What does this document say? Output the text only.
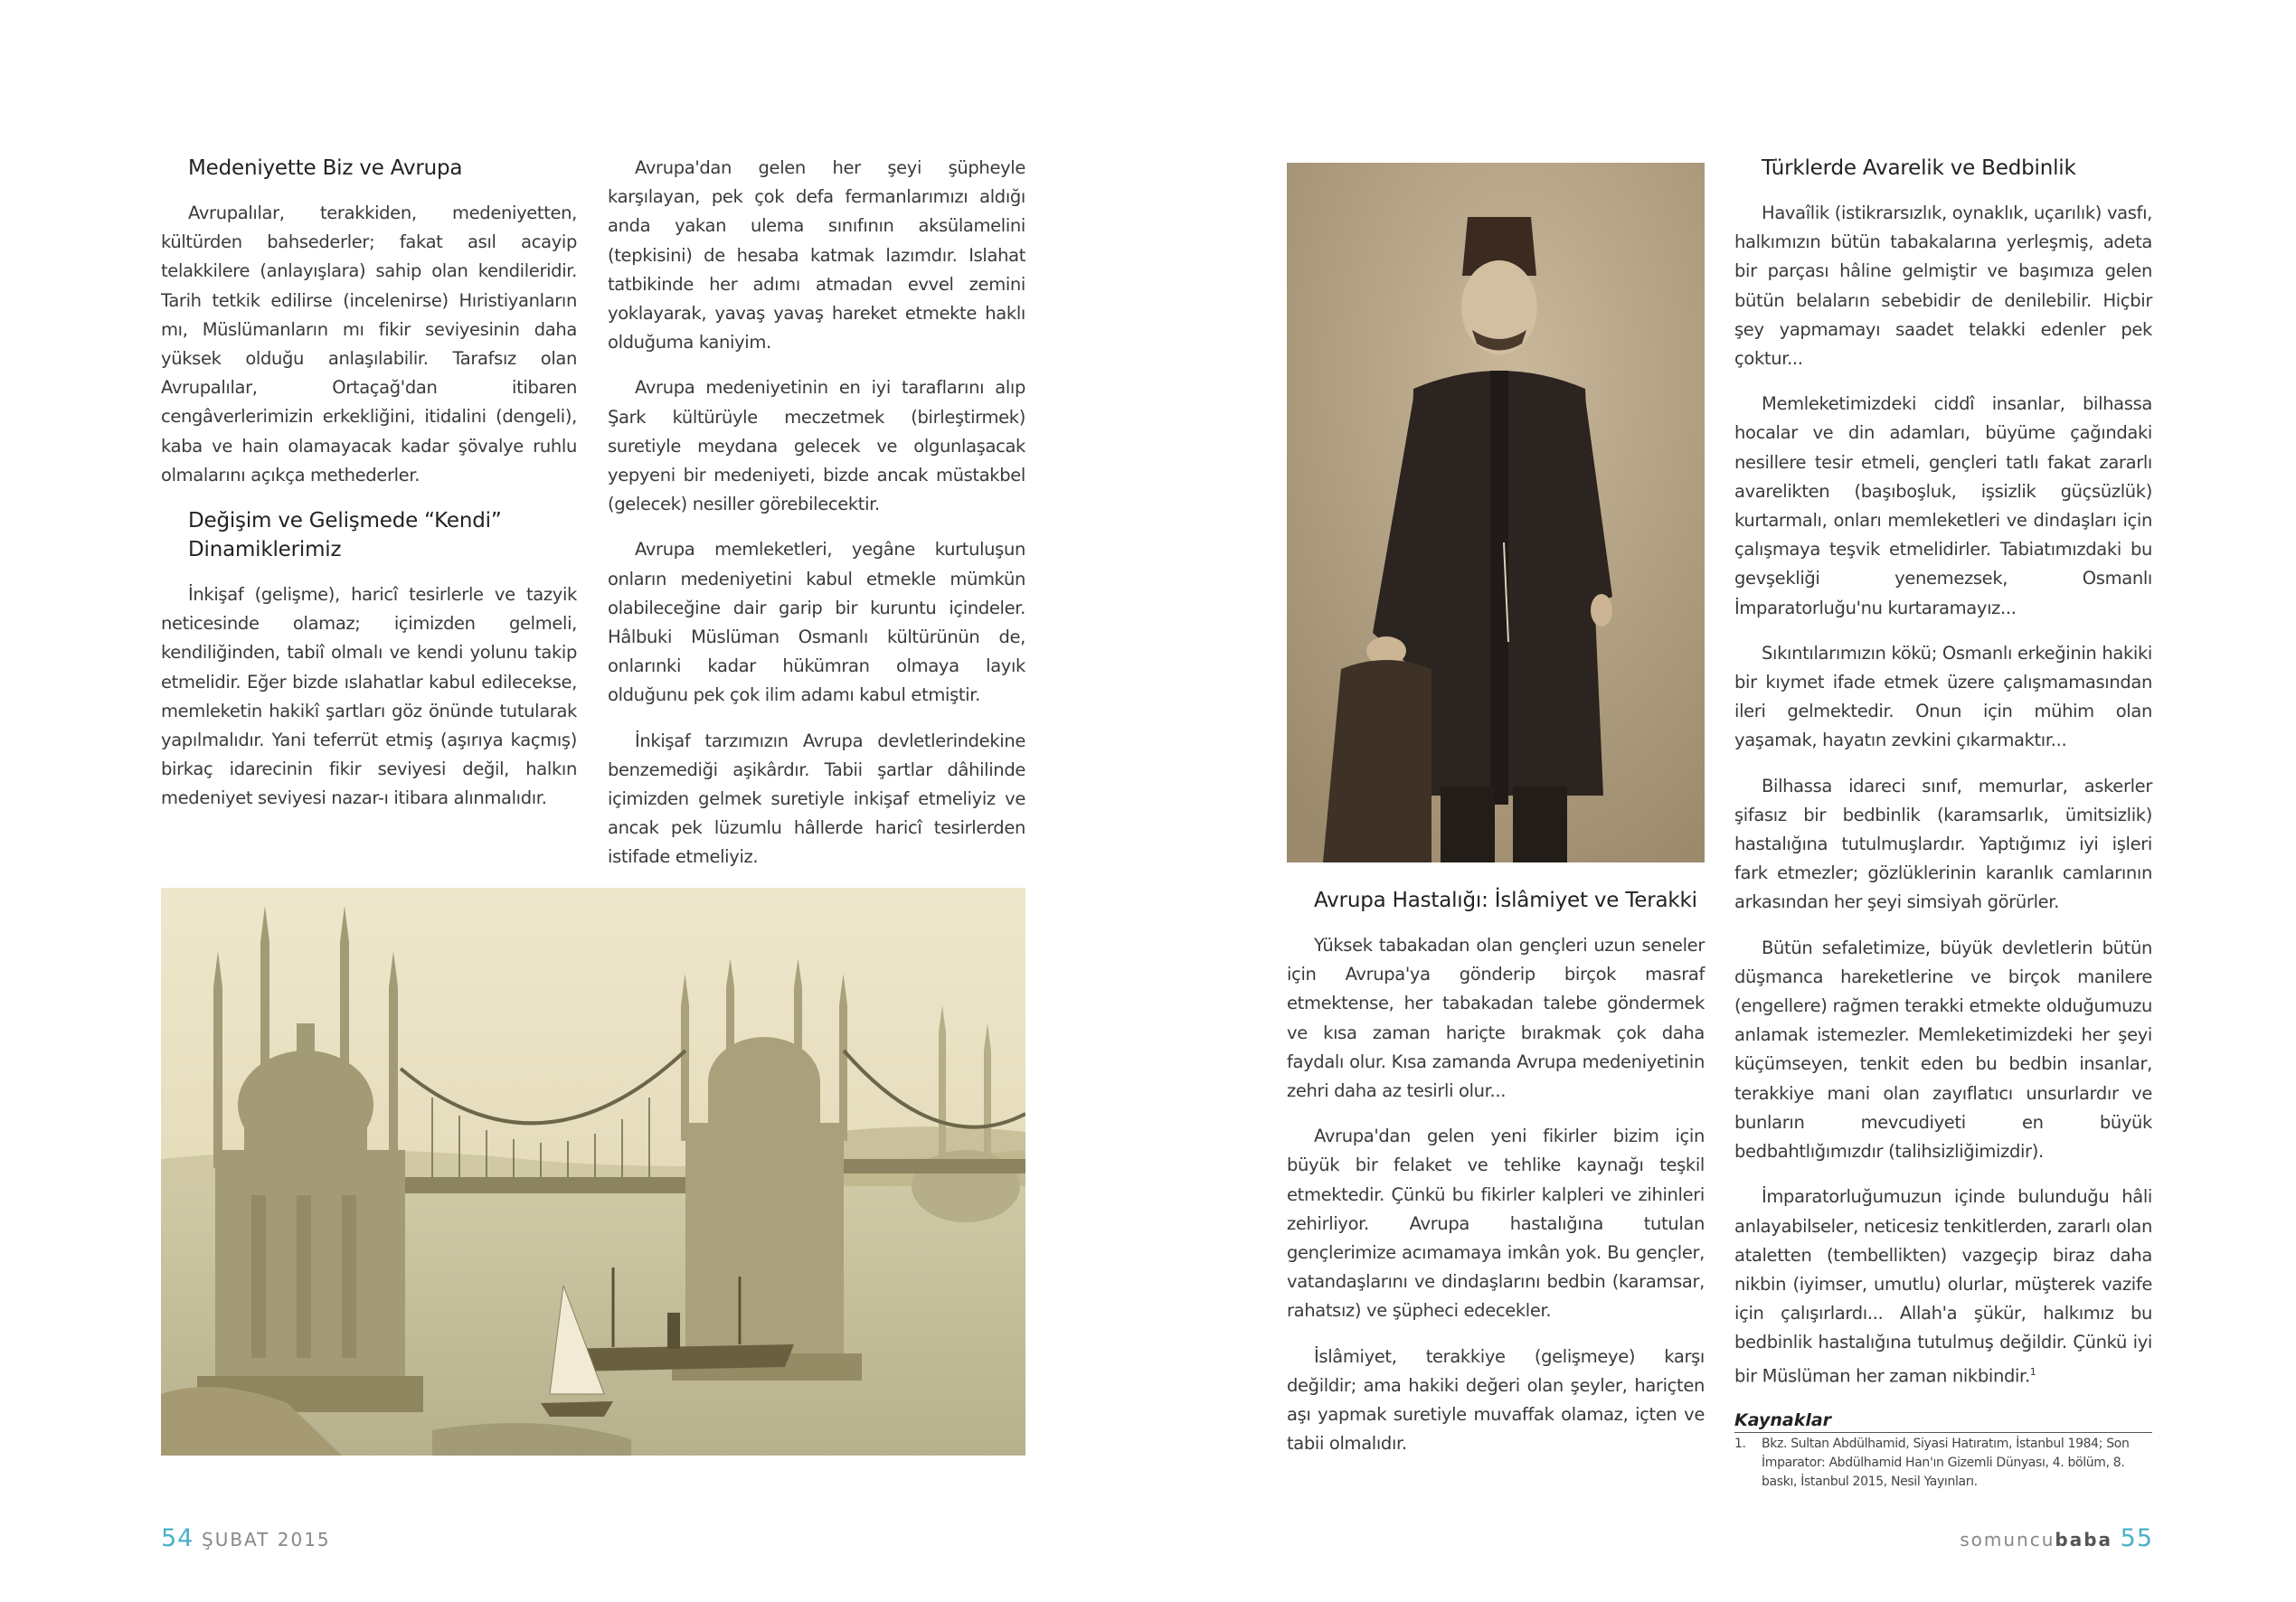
Medeniyette Biz ve Avrupa

Avrupalılar, terakkiden, medeniyetten, kültürden bahsederler; fakat asıl acayip telakkilere (anlayışlara) sahip olan kendileridir. Tarih tetkik edilirse (incelenirse) Hıristiyanların mı, Müslümanların mı fikir seviyesinin daha yüksek olduğu anlaşılabilir. Tarafsız olan Avrupalılar, Ortaçağ'dan itibaren cengâverlerimizin erkekliğini, itidalini (dengeli), kaba ve hain olamayacak kadar şövalye ruhlu olmalarını açıkça methederler.

Değişim ve Gelişmede “Kendi” Dinamiklerimiz

İnkişaf (gelişme), haricî tesirlerle ve tazyik neticesinde olamaz; içimizden gelmeli, kendiliğinden, tabiî olmalı ve kendi yolunu takip etmelidir. Eğer bizde ıslahatlar kabul edilecekse, memleketin hakikî şartları göz önünde tutularak yapılmalıdır. Yani teferrüt etmiş (aşırıya kaçmış) birkaç idarecinin fikir seviyesi değil, halkın medeniyet seviyesi nazar-ı itibara alınmalıdır.

Avrupa'dan gelen her şeyi şüpheyle karşılayan, pek çok defa fermanlarımızı aldığı anda yakan ulema sınıfının aksülamelini (tepkisini) de hesaba katmak lazımdır. Islahat tatbikinde her adımı atmadan evvel zemini yoklayarak, yavaş yavaş hareket etmekte haklı olduğuma kaniyim.

Avrupa medeniyetinin en iyi taraflarını alıp Şark kültürüyle meczetmek (birleştirmek) suretiyle meydana gelecek ve olgunlaşacak yepyeni bir medeniyeti, bizde ancak müstakbel (gelecek) nesiller görebilecektir.

Avrupa memleketleri, yegâne kurtuluşun onların medeniyetini kabul etmekle mümkün olabileceğine dair garip bir kuruntu içindeler. Hâlbuki Müslüman Osmanlı kültürünün de, onlarınki kadar hükümran olmaya layık olduğunu pek çok ilim adamı kabul etmiştir.

İnkişaf tarzımızın Avrupa devletlerindekine benzemediği aşikârdır. Tabii şartlar dâhilinde içimizden gelmek suretiyle inkişaf etmeliyiz ve ancak pek lüzumlu hâllerde haricî tesirlerden istifade etmeliyiz.

54 ŞUBAT 2015
Avrupa Hastalığı: İslâmiyet ve Terakki

Yüksek tabakadan olan gençleri uzun seneler için Avrupa'ya gönderip birçok masraf etmektense, her tabakadan talebe göndermek ve kısa zaman hariçte bırakmak çok daha faydalı olur. Kısa zamanda Avrupa medeniyetinin zehri daha az tesirli olur...

Avrupa'dan gelen yeni fikirler bizim için büyük bir felaket ve tehlike kaynağı teşkil etmektedir. Çünkü bu fikirler kalpleri ve zihinleri zehirliyor. Avrupa hastalığına tutulan gençlerimize acımamaya imkân yok. Bu gençler, vatandaşlarını ve dindaşlarını bedbin (karamsar, rahatsız) ve şüpheci edecekler.

İslâmiyet, terakkiye (gelişmeye) karşı değildir; ama hakiki değeri olan şeyler, hariçten aşı yapmak suretiyle muvaffak olamaz, içten ve tabii olmalıdır.

Türklerde Avarelik ve Bedbinlik

Havaîlik (istikrarsızlık, oynaklık, uçarılık) vasfı, halkımızın bütün tabakalarına yerleşmiş, adeta bir parçası hâline gelmiştir ve başımıza gelen bütün belaların sebebidir de denilebilir. Hiçbir şey yapmamayı saadet telakki edenler pek çoktur...

Memleketimizdeki ciddî insanlar, bilhassa hocalar ve din adamları, büyüme çağındaki nesillere tesir etmeli, gençleri tatlı fakat zararlı avarelikten (başıboşluk, işsizlik güçsüzlük) kurtarmalı, onları memleketleri ve dindaşları için çalışmaya teşvik etmelidirler. Tabiatımızdaki bu gevşekliği yenemezsek, Osmanlı İmparatorluğu'nu kurtaramayız...

Sıkıntılarımızın kökü; Osmanlı erkeğinin hakiki bir kıymet ifade etmek üzere çalışmamasından ileri gelmektedir. Onun için mühim olan yaşamak, hayatın zevkini çıkarmaktır...

Bilhassa idareci sınıf, memurlar, askerler şifasız bir bedbinlik (karamsarlık, ümitsizlik) hastalığına tutulmuşlardır. Yaptığımız iyi işleri fark etmezler; gözlüklerinin karanlık camlarının arkasından her şeyi simsiyah görürler.

Bütün sefaletimize, büyük devletlerin bütün düşmanca hareketlerine ve birçok manilere (engellere) rağmen terakki etmekte olduğumuzu anlamak istemezler. Memleketimizdeki her şeyi küçümseyen, tenkit eden bu bedbin insanlar, terakkiye mani olan zayıflatıcı unsurlardır ve bunların mevcudiyeti en büyük bedbahtlığımızdır (talihsizliğimizdir).

İmparatorluğumuzun içinde bulunduğu hâli anlayabilseler, neticesiz tenkitlerden, zararlı olan ataletten (tembellikten) vazgeçip biraz daha nikbin (iyimser, umutlu) olurlar, müşterek vazife için çalışırlardı... Allah'a şükür, halkımız bu bedbinlik hastalığına tutulmuş değildir. Çünkü iyi bir Müslüman her zaman nikbindir.$^1$

Kaynaklar

1. Bkz. Sultan Abdülhamid, Siyasi Hatıratım, İstanbul 1984; Son İmparator: Abdülhamid Han'ın Gizemli Dünyası, 4. bölüm, 8. baskı, İstanbul 2015, Nesil Yayınları.

somuncubaba 55
